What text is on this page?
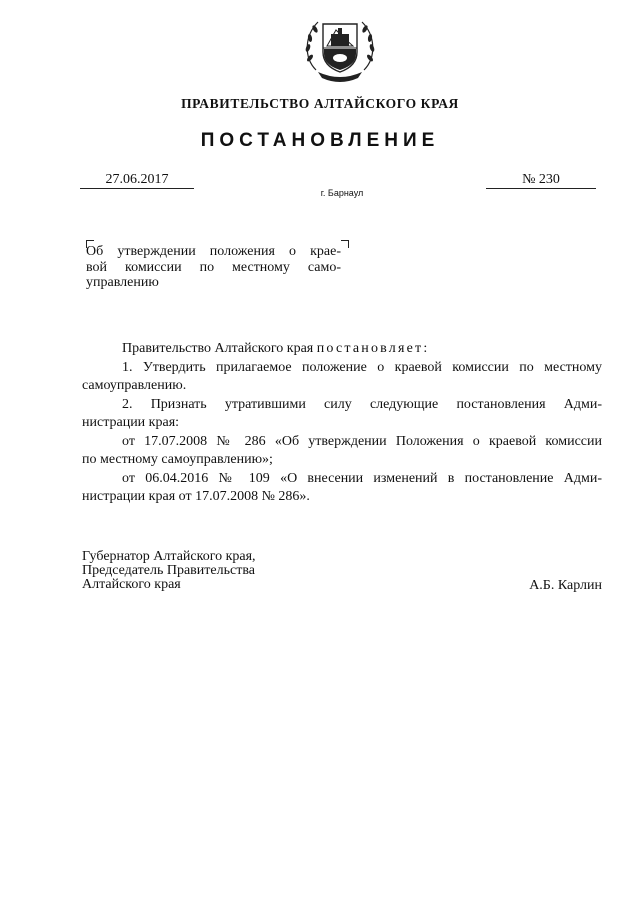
ПРАВИТЕЛЬСТВО АЛТАЙСКОГО КРАЯ
ПОСТАНОВЛЕНИЕ
27.06.2017	№ 230
г. Барнаул
Об утверждении положения о крае-
вой комиссии по местному само-
управлению
Правительство Алтайского края постановляет:
1. Утвердить прилагаемое положение о краевой комиссии по местному
самоуправлению.
2. Признать утратившими силу следующие постановления Адми-
нистрации края:
от 17.07.2008 № 286 «Об утверждении Положения о краевой комиссии
по местному самоуправлению»;
от 06.04.2016 № 109 «О внесении изменений в постановление Адми-
нистрации края от 17.07.2008 № 286».
Губернатор Алтайского края,
Председатель Правительства
Алтайского края	А.Б. Карлин
